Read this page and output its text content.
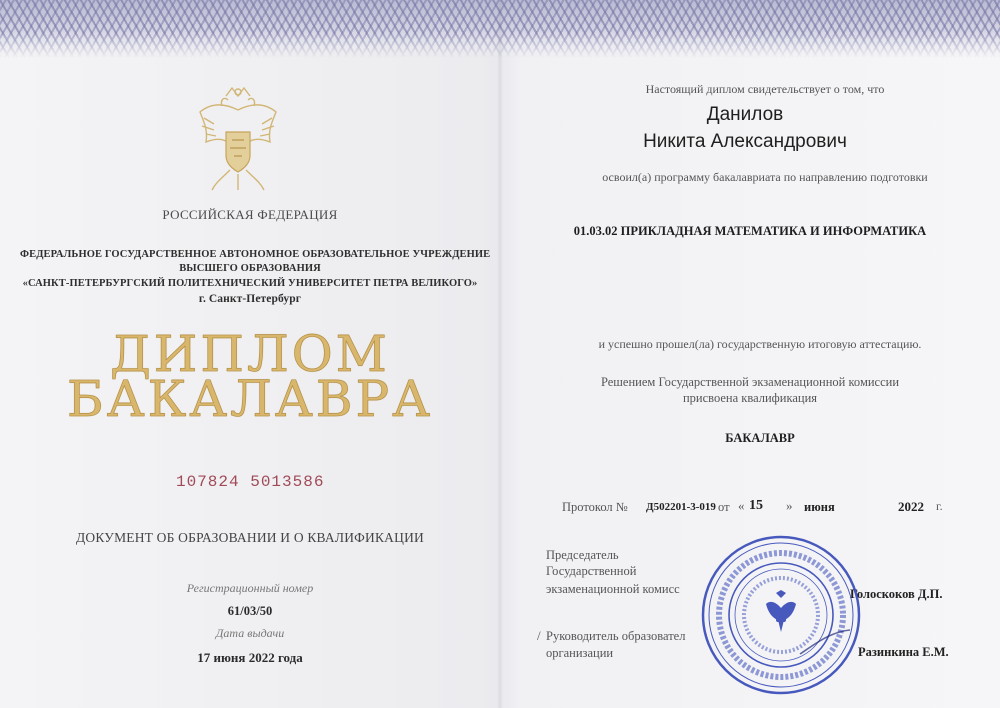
РОССИЙСКАЯ ФЕДЕРАЦИЯ
ФЕДЕРАЛЬНОЕ ГОСУДАРСТВЕННОЕ АВТОНОМНОЕ ОБРАЗОВАТЕЛЬНОЕ УЧРЕЖДЕНИЕ
ВЫСШЕГО ОБРАЗОВАНИЯ
«САНКТ-ПЕТЕРБУРГСКИЙ ПОЛИТЕХНИЧЕСКИЙ УНИВЕРСИТЕТ ПЕТРА ВЕЛИКОГО»
г. Санкт-Петербург
ДИПЛОМ
БАКАЛАВРА
107824 5013586
ДОКУМЕНТ ОБ ОБРАЗОВАНИИ И О КВАЛИФИКАЦИИ
Регистрационный номер
61/03/50
Дата выдачи
17 июня 2022 года
Настоящий диплом свидетельствует о том, что
Данилов
Никита Александрович
освоил(а) программу бакалавриата по направлению подготовки
01.03.02 ПРИКЛАДНАЯ МАТЕМАТИКА И ИНФОРМАТИКА
и успешно прошел(ла) государственную итоговую аттестацию.
Решением Государственной экзаменационной комиссии
присвоена квалификация
БАКАЛАВР
Протокол № Д502201-3-019 от « 15 » июня	2022 г.
Председатель
Государственной
экзаменационной комисс	Голоскоков Д.П.
/ Руководитель образовател
организации	Разинкина Е.М.
